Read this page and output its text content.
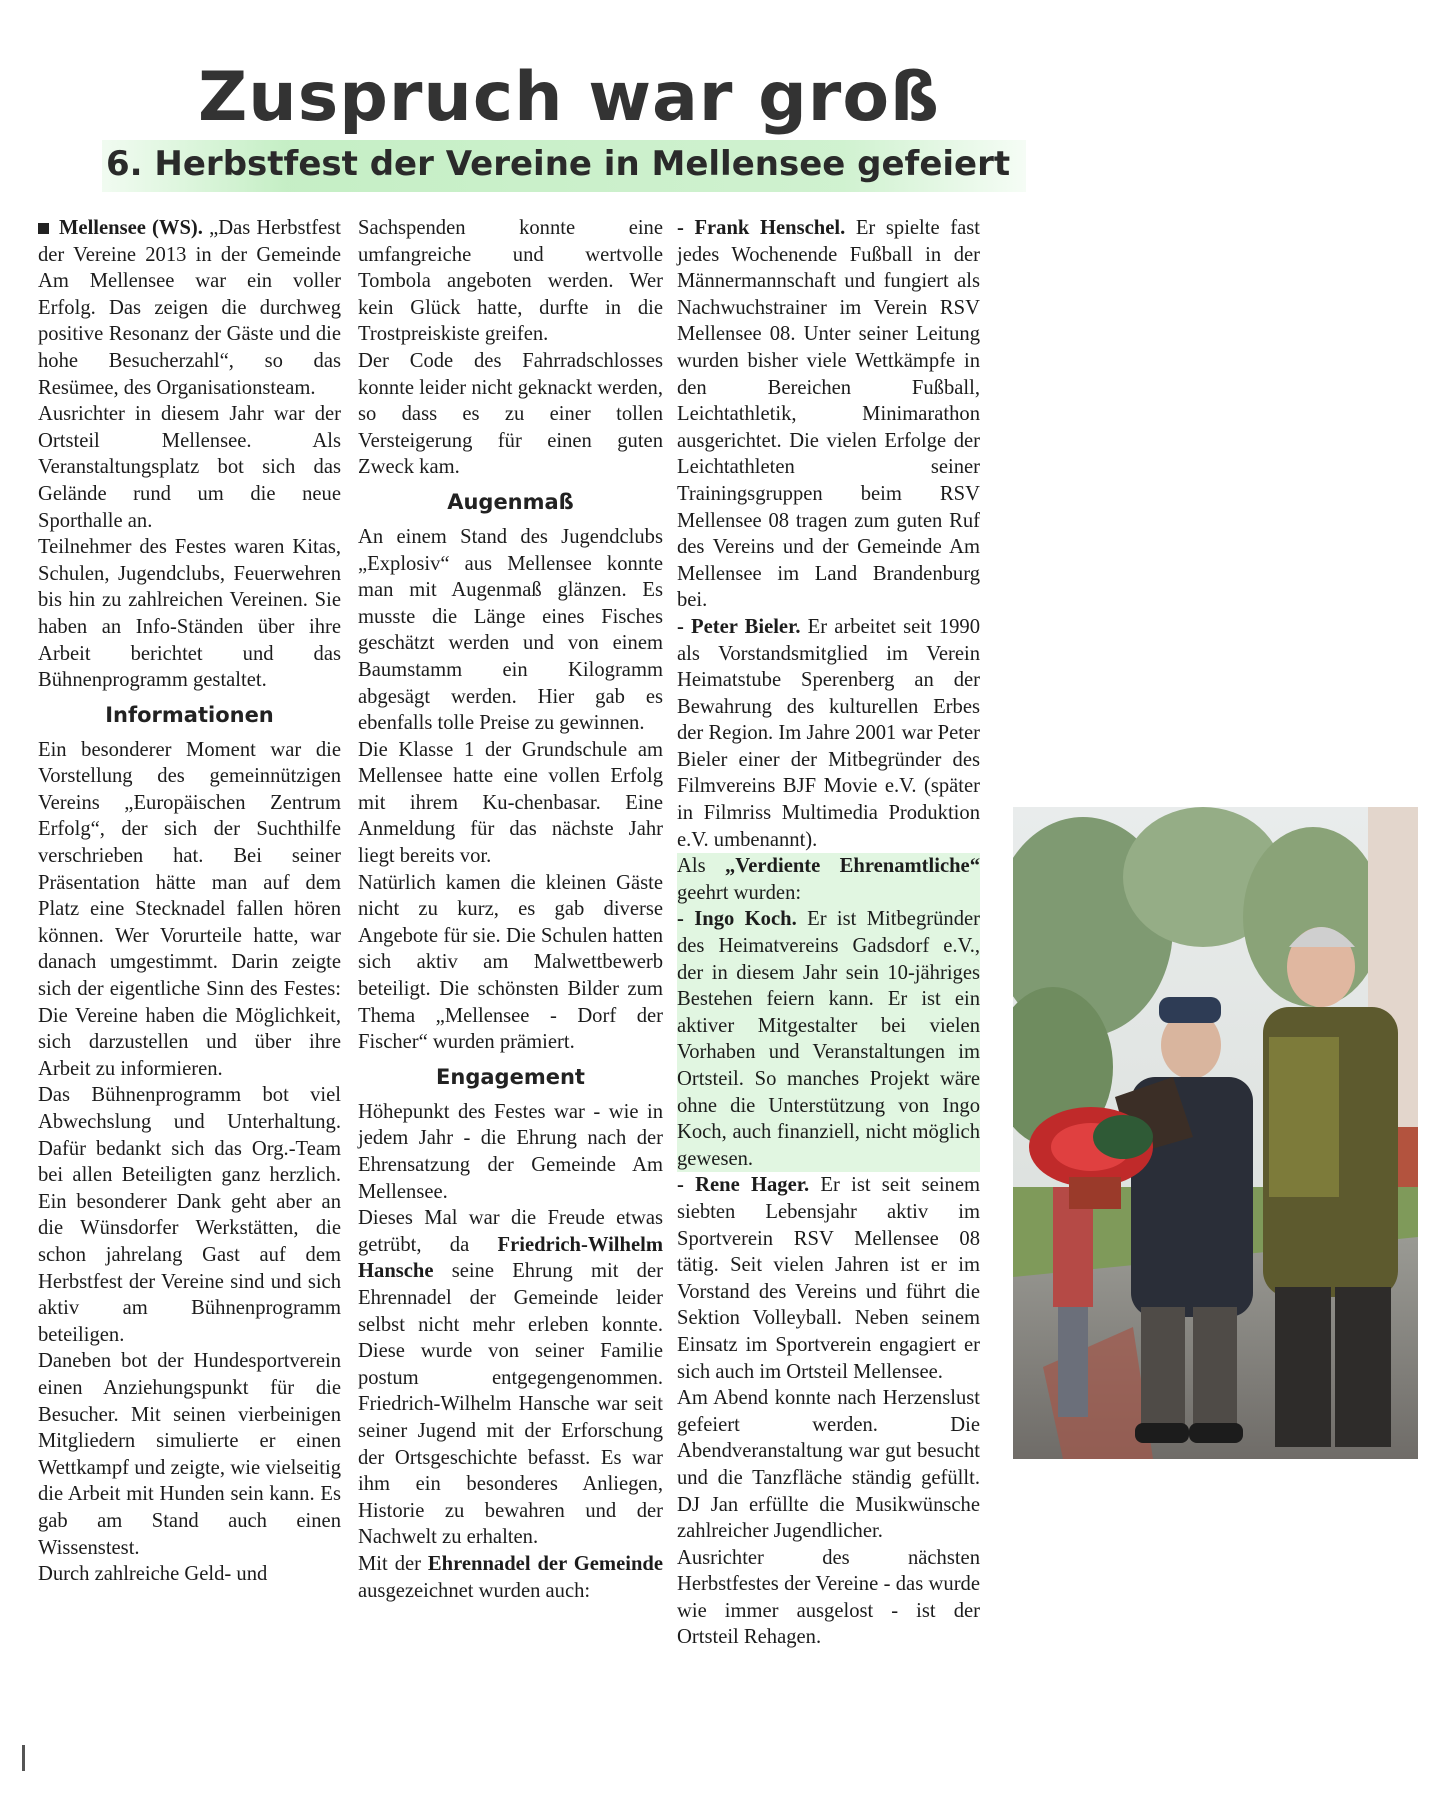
Zuspruch war groß
6. Herbstfest der Vereine in Mellensee gefeiert

Mellensee (WS). „Das Herbstfest der Vereine 2013 in der Gemeinde Am Mellensee war ein voller Erfolg. Das zeigen die durchweg positive Resonanz der Gäste und die hohe Besucherzahl“, so das Resümee, des Organisationsteam.

Ausrichter in diesem Jahr war der Ortsteil Mellensee. Als Veranstaltungsplatz bot sich das Gelände rund um die neue Sporthalle an.

Teilnehmer des Festes waren Kitas, Schulen, Jugendclubs, Feuerwehren bis hin zu zahlreichen Vereinen. Sie haben an Info-Ständen über ihre Arbeit berichtet und das Bühnenprogramm gestaltet.

Informationen

Ein besonderer Moment war die Vorstellung des gemeinnützigen Vereins „Europäischen Zentrum Erfolg“, der sich der Suchthilfe verschrieben hat. Bei seiner Präsentation hätte man auf dem Platz eine Stecknadel fallen hören können. Wer Vorurteile hatte, war danach umgestimmt. Darin zeigte sich der eigentliche Sinn des Festes: Die Vereine haben die Möglichkeit, sich darzustellen und über ihre Arbeit zu informieren.

Das Bühnenprogramm bot viel Abwechslung und Unterhaltung. Dafür bedankt sich das Org.-Team bei allen Beteiligten ganz herzlich. Ein besonderer Dank geht aber an die Wünsdorfer Werkstätten, die schon jahrelang Gast auf dem Herbstfest der Vereine sind und sich aktiv am Bühnenprogramm beteiligen.

Daneben bot der Hundesportverein einen Anziehungspunkt für die Besucher. Mit seinen vierbeinigen Mitgliedern simulierte er einen Wettkampf und zeigte, wie vielseitig die Arbeit mit Hunden sein kann. Es gab am Stand auch einen Wissenstest.

Durch zahlreiche Geld- und

Sachspenden konnte eine umfangreiche und wertvolle Tombola angeboten werden. Wer kein Glück hatte, durfte in die Trostpreiskiste greifen.

Der Code des Fahrradschlosses konnte leider nicht geknackt werden, so dass es zu einer tollen Versteigerung für einen guten Zweck kam.

Augenmaß

An einem Stand des Jugendclubs „Explosiv“ aus Mellensee konnte man mit Augenmaß glänzen. Es musste die Länge eines Fisches geschätzt werden und von einem Baumstamm ein Kilogramm abgesägt werden. Hier gab es ebenfalls tolle Preise zu gewinnen.

Die Klasse 1 der Grundschule am Mellensee hatte eine vollen Erfolg mit ihrem Ku-chenbasar. Eine Anmeldung für das nächste Jahr liegt bereits vor.

Natürlich kamen die kleinen Gäste nicht zu kurz, es gab diverse Angebote für sie. Die Schulen hatten sich aktiv am Malwettbewerb beteiligt. Die schönsten Bilder zum Thema „Mellensee - Dorf der Fischer“ wurden prämiert.

Engagement

Höhepunkt des Festes war - wie in jedem Jahr - die Ehrung nach der Ehrensatzung der Gemeinde Am Mellensee.

Dieses Mal war die Freude etwas getrübt, da Friedrich-Wilhelm Hansche seine Ehrung mit der Ehrennadel der Gemeinde leider selbst nicht mehr erleben konnte. Diese wurde von seiner Familie postum entgegengenommen. Friedrich-Wilhelm Hansche war seit seiner Jugend mit der Erforschung der Ortsgeschichte befasst. Es war ihm ein besonderes Anliegen, Historie zu bewahren und der Nachwelt zu erhalten.

Mit der Ehrennadel der Gemeinde ausgezeichnet wurden auch:

- Frank Henschel. Er spielte fast jedes Wochenende Fußball in der Männermannschaft und fungiert als Nachwuchstrainer im Verein RSV Mellensee 08. Unter seiner Leitung wurden bisher viele Wettkämpfe in den Bereichen Fußball, Leichtathletik, Minimarathon ausgerichtet. Die vielen Erfolge der Leichtathleten seiner Trainingsgruppen beim RSV Mellensee 08 tragen zum guten Ruf des Vereins und der Gemeinde Am Mellensee im Land Brandenburg bei.

- Peter Bieler. Er arbeitet seit 1990 als Vorstandsmitglied im Verein Heimatstube Sperenberg an der Bewahrung des kulturellen Erbes der Region. Im Jahre 2001 war Peter Bieler einer der Mitbegründer des Filmvereins BJF Movie e.V. (später in Filmriss Multimedia Produktion e.V. umbenannt).

Als „Verdiente Ehrenamtliche“ geehrt wurden:

- Ingo Koch. Er ist Mitbegründer des Heimatvereins Gadsdorf e.V., der in diesem Jahr sein 10-jähriges Bestehen feiern kann. Er ist ein aktiver Mitgestalter bei vielen Vorhaben und Veranstaltungen im Ortsteil. So manches Projekt wäre ohne die Unterstützung von Ingo Koch, auch finanziell, nicht möglich gewesen.

- Rene Hager. Er ist seit seinem siebten Lebensjahr aktiv im Sportverein RSV Mellensee 08 tätig. Seit vielen Jahren ist er im Vorstand des Vereins und führt die Sektion Volleyball. Neben seinem Einsatz im Sportverein engagiert er sich auch im Ortsteil Mellensee.

Am Abend konnte nach Herzenslust gefeiert werden. Die Abendveranstaltung war gut besucht und die Tanzfläche ständig gefüllt. DJ Jan erfüllte die Musikwünsche zahlreicher Jugendlicher.

Ausrichter des nächsten Herbstfestes der Vereine - das wurde wie immer ausgelost - ist der Ortsteil Rehagen.
